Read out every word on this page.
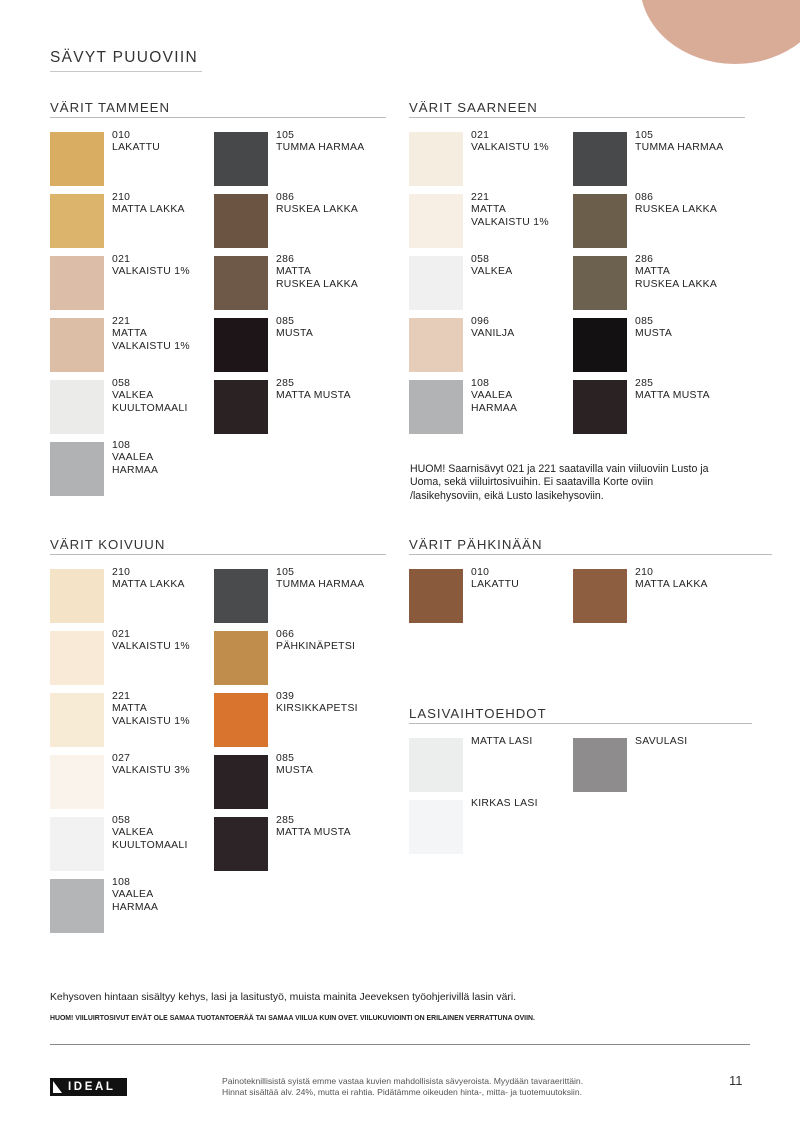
SÄVYT PUUOVIIN
VÄRIT TAMMEEN
010
LAKATTU
210
MATTA LAKKA
021
VALKAISTU 1%
221
MATTA
VALKAISTU 1%
058
VALKEA
KUULTOMAALI
108
VAALEA
HARMAA
105
TUMMA HARMAA
086
RUSKEA LAKKA
286
MATTA
RUSKEA LAKKA
085
MUSTA
285
MATTA MUSTA
VÄRIT SAARNEEN
021
VALKAISTU 1%
221
MATTA
VALKAISTU 1%
058
VALKEA
096
VANILJA
108
VAALEA
HARMAA
105
TUMMA HARMAA
086
RUSKEA LAKKA
286
MATTA
RUSKEA LAKKA
085
MUSTA
285
MATTA MUSTA
HUOM! Saarnisävyt 021 ja 221 saatavilla vain viiluoviin Lusto ja Uoma, sekä viiluirtosivuihin. Ei saatavilla Korte oviin /lasikehysoviin, eikä Lusto lasikehysoviin.
VÄRIT KOIVUUN
210
MATTA LAKKA
021
VALKAISTU 1%
221
MATTA
VALKAISTU 1%
027
VALKAISTU 3%
058
VALKEA
KUULTOMAALI
108
VAALEA
HARMAA
105
TUMMA HARMAA
066
PÄHKINÄPETSI
039
KIRSIKKAPETSI
085
MUSTA
285
MATTA MUSTA
VÄRIT PÄHKINÄÄN
010
LAKATTU
210
MATTA LAKKA
LASIVAIHTOEHDOT
MATTA LASI
KIRKAS LASI
SAVULASI
Kehysoven hintaan sisältyy kehys, lasi ja lasitustyö, muista mainita Jeeveksen työohjerivillä lasin väri.
HUOM! VIILUIRTOSIVUT EIVÄT OLE SAMAA TUOTANTOERÄÄ TAI SAMAA VIILUA KUIN OVET. VIILUKUVIOINTI ON ERILAINEN VERRATTUNA OVIIN.
IDEAL	Painoteknillisistä syistä emme vastaa kuvien mahdollisista sävyeroista. Myydään tavaraerittäin.
Hinnat sisältää alv. 24%, mutta ei rahtia. Pidätämme oikeuden hinta-, mitta- ja tuotemuutoksiin.
11
